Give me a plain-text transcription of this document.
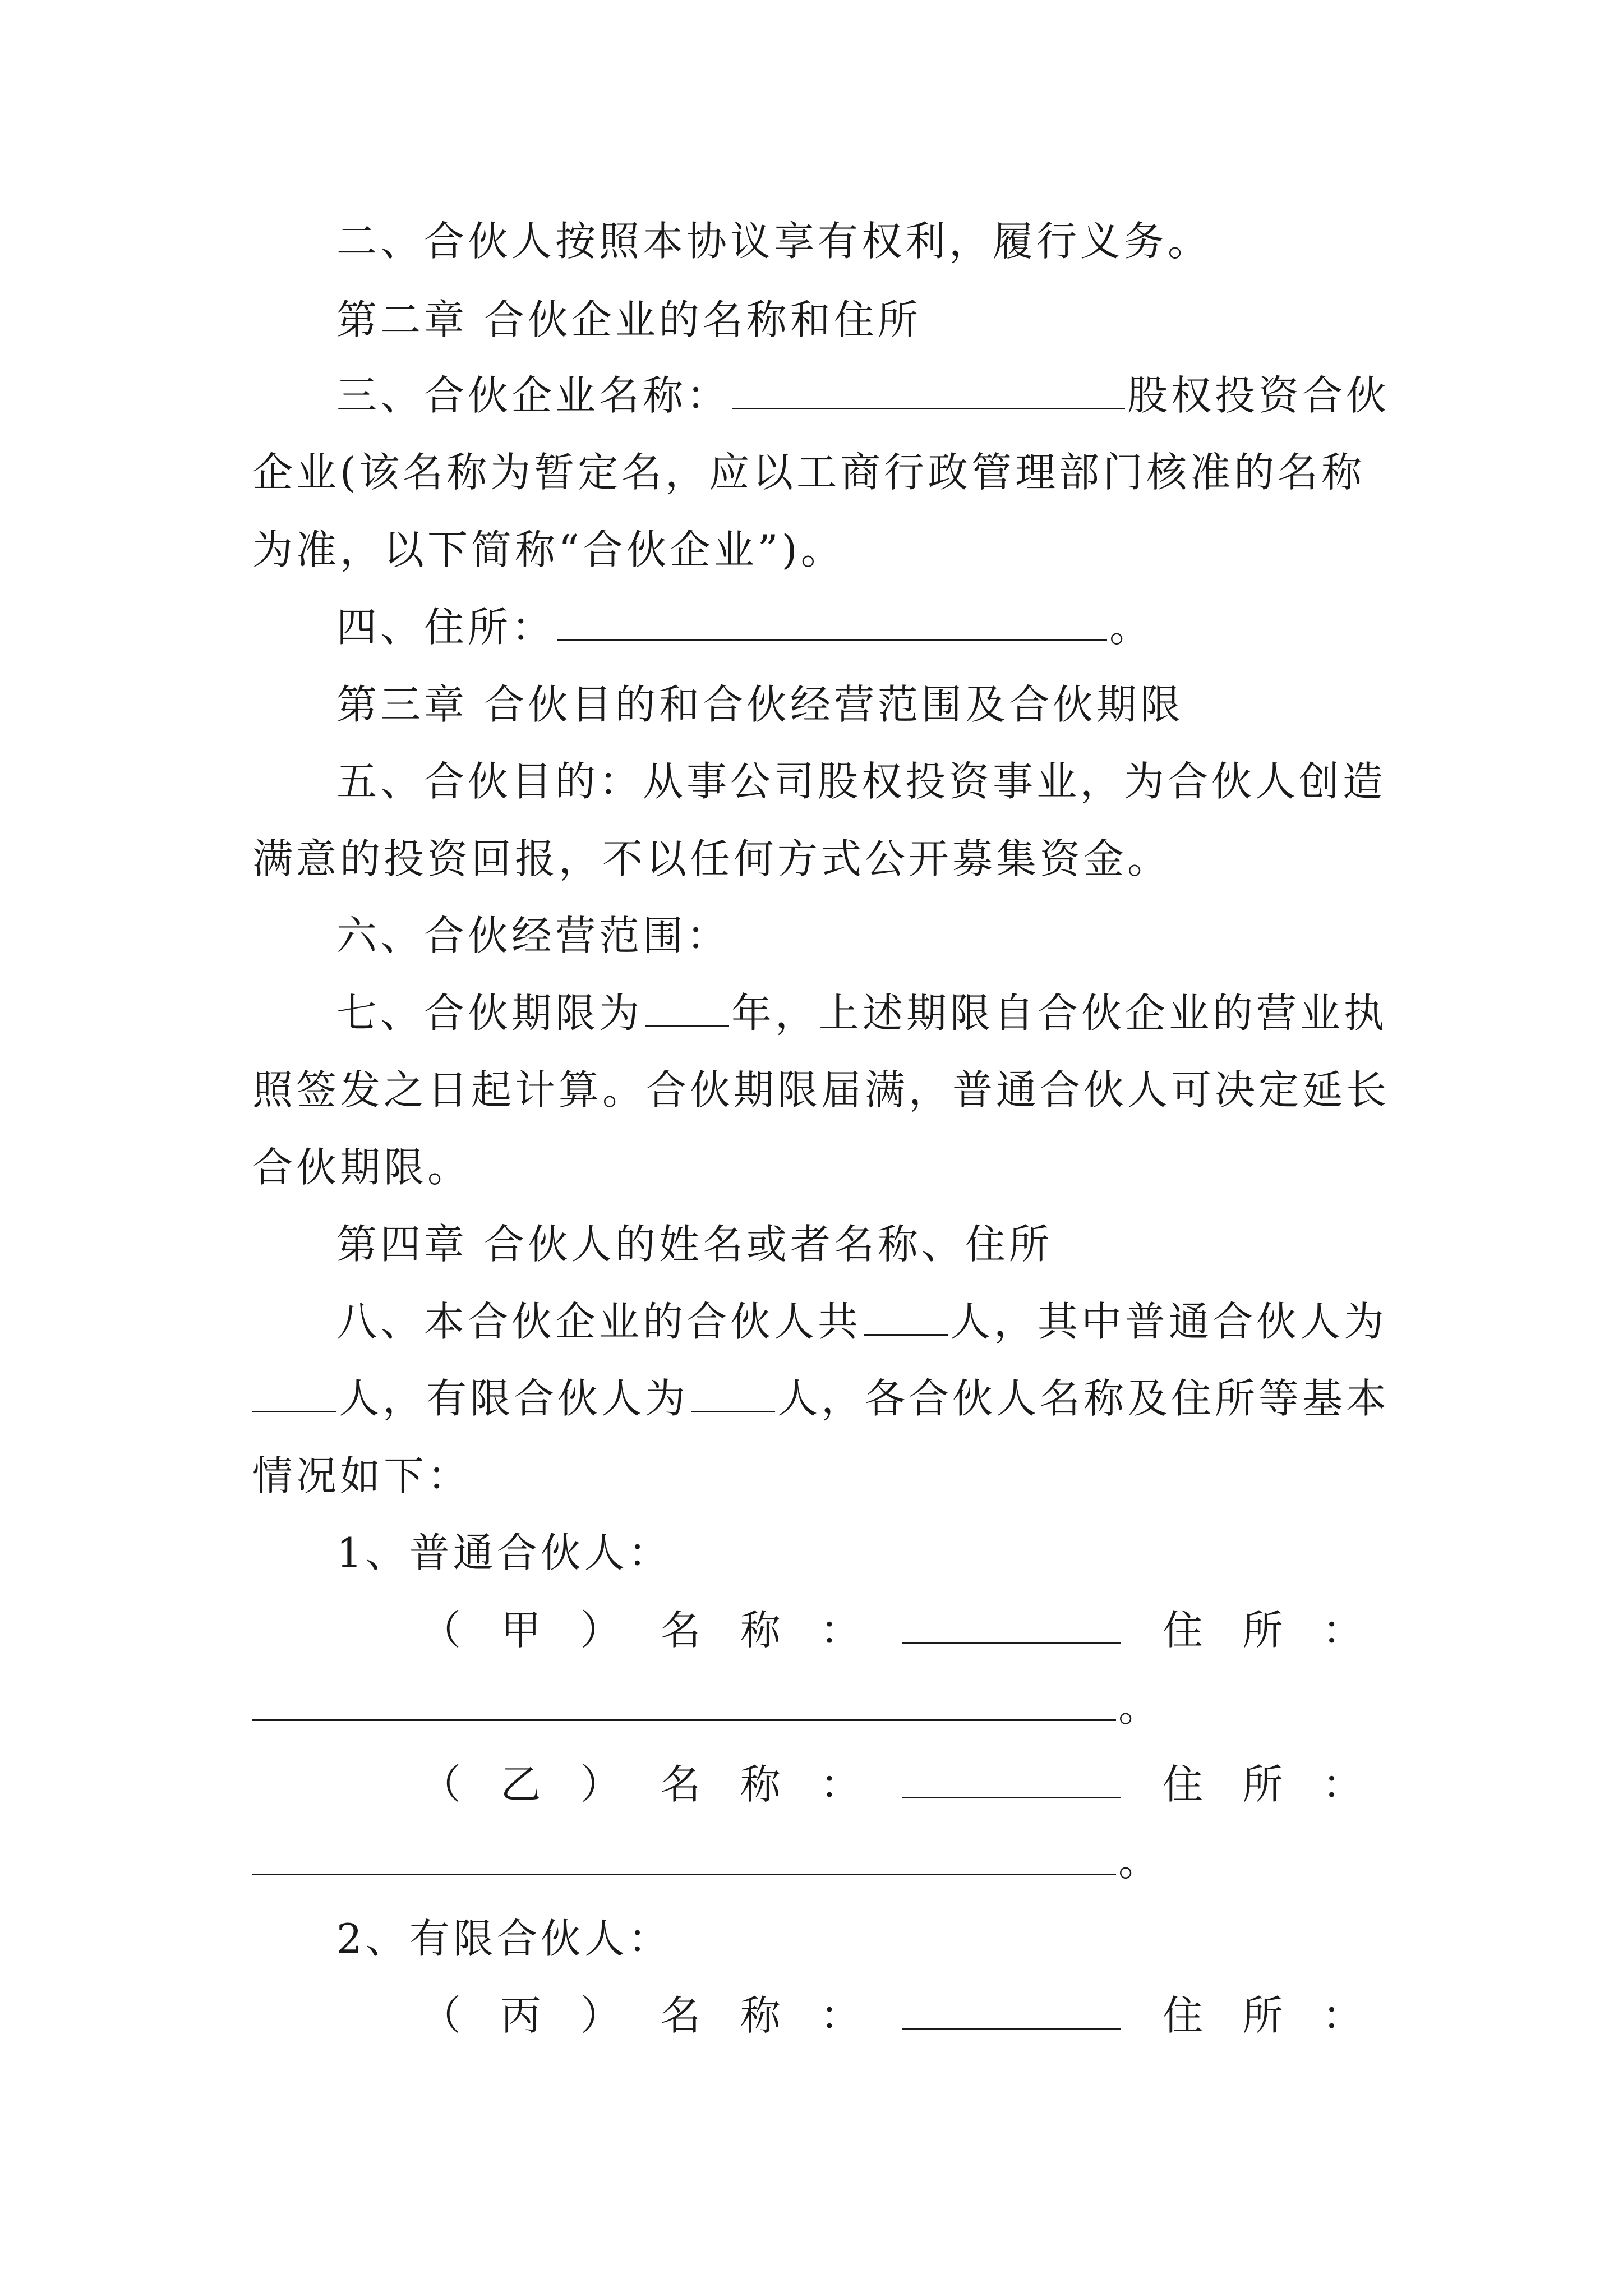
二、合伙人按照本协议享有权利，履行义务。
第二章 合伙企业的名称和住所
三、合伙企业名称：	股权投资合伙
企业(该名称为暂定名，应以工商行政管理部门核准的名称
为准，以下简称“合伙企业”)。
四、住所：	。
第三章 合伙目的和合伙经营范围及合伙期限
五、合伙目的：从事公司股权投资事业，为合伙人创造
满意的投资回报，不以任何方式公开募集资金。
六、合伙经营范围：
七、合伙期限为 年，上述期限自合伙企业的营业执
照签发之日起计算。合伙期限届满，普通合伙人可决定延长
合伙期限。
第四章 合伙人的姓名或者名称、住所
八、本合伙企业的合伙人共 人，其中普通合伙人为
人，有限合伙人为 人，各合伙人名称及住所等基本
情况如下：
1、普通合伙人：
（ 甲 ） 名 称 ：	住 所 ：
。
（ 乙 ） 名 称 ：	住 所 ：
。
2、有限合伙人：
（ 丙 ） 名 称 ：	住 所 ：
